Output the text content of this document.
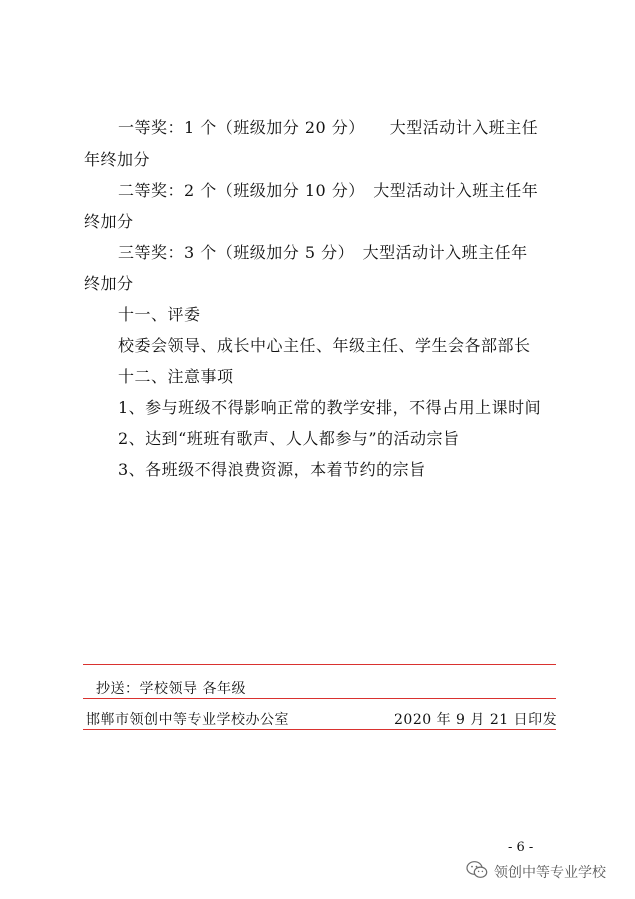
一等奖：1 个（班级加分 20 分）　　大型活动计入班主任
年终加分
二等奖：2 个（班级加分 10 分）　大型活动计入班主任年
终加分
三等奖：3 个（班级加分 5 分）　大型活动计入班主任年
终加分
十一、评委
校委会领导、成长中心主任、年级主任、学生会各部部长
十二、注意事项
1、参与班级不得影响正常的教学安排，不得占用上课时间
2、达到“班班有歌声、人人都参与”的活动宗旨
3、各班级不得浪费资源，本着节约的宗旨
抄送：学校领导 各年级
邯郸市领创中等专业学校办公室	2020 年 9 月 21 日印发
- 6 -
领创中等专业学校
